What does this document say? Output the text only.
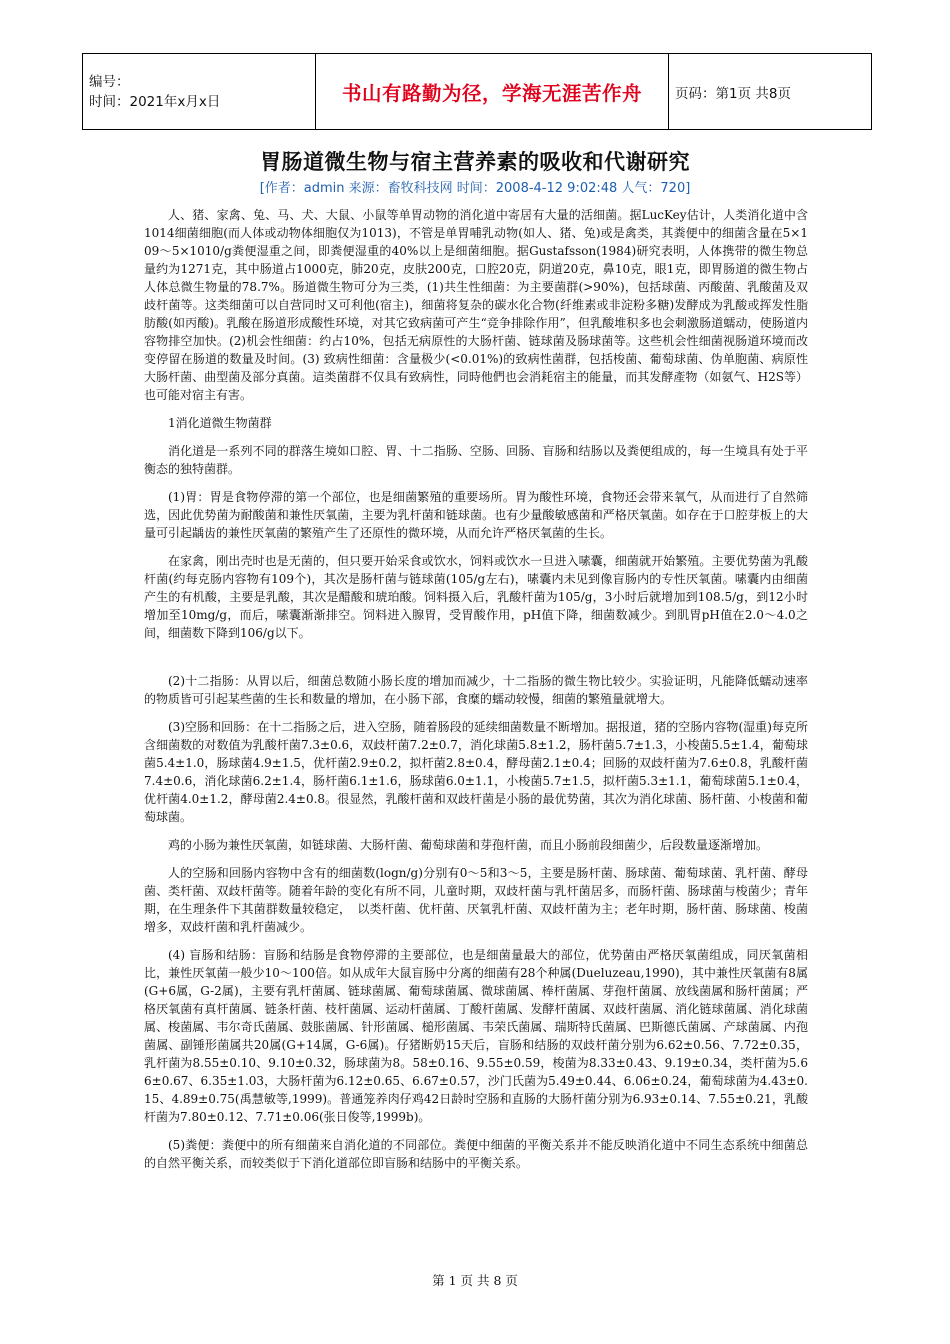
编号：
时间：2021年x月x日	书山有路勤为径，学海无涯苦作舟	页码：第1页 共8页
胃肠道微生物与宿主营养素的吸收和代谢研究
[作者：admin 来源：畜牧科技网 时间：2008-4-12 9:02:48 人气：720]

人、猪、家禽、兔、马、犬、大鼠、小鼠等单胃动物的消化道中寄居有大量的活细菌。据LucKey估计，人类消化道中含1014细菌细胞(而人体或动物体细胞仅为1013)，不管是单胃哺乳动物(如人、猪、兔)或是禽类，其粪便中的细菌含量在5×109～5×1010/g粪便湿重之间，即粪便湿重的40%以上是细菌细胞。据Gustafsson(1984)研究表明，人体携带的微生物总量约为1271克，其中肠道占1000克，肺20克，皮肤200克，口腔20克，阴道20克，鼻10克，眼1克，即胃肠道的微生物占人体总微生物量的78.7%。肠道微生物可分为三类，(1)共生性细菌：为主要菌群(>90%)，包括球菌、丙酸菌、乳酸菌及双歧杆菌等。这类细菌可以自营同时又可利他(宿主)，细菌将复杂的碳水化合物(纤维素或非淀粉多糖)发酵成为乳酸或挥发性脂肪酸(如丙酸)。乳酸在肠道形成酸性环境，对其它致病菌可产生“竞争排除作用”，但乳酸堆积多也会刺激肠道蠕动，使肠道内容物排空加快。(2)机会性细菌：约占10%，包括无病原性的大肠杆菌、链球菌及肠球菌等。这些机会性细菌视肠道环境而改变停留在肠道的数量及时间。(3) 致病性细菌：含量极少(<0.01%)的致病性菌群，包括梭菌、葡萄球菌、伪单胞菌、病原性大肠杆菌、曲型菌及部分真菌。這类菌群不仅具有致病性，同時他們也会消耗宿主的能量，而其发酵產物（如氨气、H2S等）也可能对宿主有害。

1消化道微生物菌群

消化道是一系列不同的群落生境如口腔、胃、十二指肠、空肠、回肠、盲肠和结肠以及粪便组成的，每一生境具有处于平衡态的独特菌群。

(1)胃：胃是食物停滞的第一个部位，也是细菌繁殖的重要场所。胃为酸性环境，食物还会带来氧气，从而进行了自然筛选，因此优势菌为耐酸菌和兼性厌氧菌，主要为乳杆菌和链球菌。也有少量酸敏感菌和严格厌氧菌。如存在于口腔芽板上的大量可引起龋齿的兼性厌氧菌的繁殖产生了还原性的微环境，从而允许严格厌氧菌的生长。

在家禽，刚出壳时也是无菌的，但只要开始采食或饮水，饲料或饮水一旦进入嗉囊，细菌就开始繁殖。主要优势菌为乳酸杆菌(约每克肠内容物有109个)，其次是肠杆菌与链球菌(105/g左右)，嗉囊内未见到像盲肠内的专性厌氧菌。嗉囊内由细菌产生的有机酸，主要是乳酸，其次是醋酸和琥珀酸。饲料摄入后，乳酸杆菌为105/g，3小时后就增加到108.5/g，到12小时增加至10mg/g，而后，嗉囊渐渐排空。饲料进入腺胃，受胃酸作用，pH值下降，细菌数减少。到肌胃pH值在2.0～4.0之间，细菌数下降到106/g以下。

(2)十二指肠：从胃以后，细菌总数随小肠长度的增加而减少，十二指肠的微生物比较少。实验证明，凡能降低蠕动速率的物质皆可引起某些菌的生长和数量的增加，在小肠下部，食糜的蠕动较慢，细菌的繁殖量就增大。

(3)空肠和回肠：在十二指肠之后，进入空肠，随着肠段的延续细菌数量不断增加。据报道，猪的空肠内容物(湿重)每克所含细菌数的对数值为乳酸杆菌7.3±0.6，双歧杆菌7.2±0.7，消化球菌5.8±1.2，肠杆菌5.7±1.3，小梭菌5.5±1.4，葡萄球菌5.4±1.0，肠球菌4.9±1.5，优杆菌2.9±0.2，拟杆菌2.8±0.4，酵母菌2.1±0.4；回肠的双歧杆菌为7.6±0.8，乳酸杆菌7.4±0.6，消化球菌6.2±1.4，肠杆菌6.1±1.6，肠球菌6.0±1.1，小梭菌5.7±1.5，拟杆菌5.3±1.1，葡萄球菌5.1±0.4，优杆菌4.0±1.2，酵母菌2.4±0.8。很显然，乳酸杆菌和双歧杆菌是小肠的最优势菌，其次为消化球菌、肠杆菌、小梭菌和葡萄球菌。

鸡的小肠为兼性厌氧菌，如链球菌、大肠杆菌、葡萄球菌和芽孢杆菌，而且小肠前段细菌少，后段数量逐渐增加。

人的空肠和回肠内容物中含有的细菌数(logn/g)分别有0～5和3～5，主要是肠杆菌、肠球菌、葡萄球菌、乳杆菌、酵母菌、类杆菌、双歧杆菌等。随着年龄的变化有所不同，儿童时期，双歧杆菌与乳杆菌居多，而肠杆菌、肠球菌与梭菌少；青年期，在生理条件下其菌群数量较稳定，　以类杆菌、优杆菌、厌氧乳杆菌、双歧杆菌为主；老年时期，肠杆菌、肠球菌、梭菌增多，双歧杆菌和乳杆菌减少。

(4) 盲肠和结肠：盲肠和结肠是食物停滞的主要部位，也是细菌量最大的部位，优势菌由严格厌氧菌组成，同厌氧菌相比，兼性厌氧菌一般少10～100倍。如从成年大鼠盲肠中分离的细菌有28个种属(Dueluzeau,1990)，其中兼性厌氧菌有8属(G+6属，G-2属)，主要有乳杆菌属、链球菌属、葡萄球菌属、微球菌属、棒杆菌属、芽孢杆菌属、放线菌属和肠杆菌属；严格厌氧菌有真杆菌属、链条杆菌、枝杆菌属、运动杆菌属、丁酸杆菌属、发酵杆菌属、双歧杆菌属、消化链球菌属、消化球菌属、梭菌属、韦尔奇氏菌属、鼓胀菌属、针形菌属、槌形菌属、韦荣氏菌属、瑞斯特氏菌属、巴斯德氏菌属、产球菌属、内孢菌属、副锤形菌属共20属(G+14属，G-6属)。仔猪断奶15天后，盲肠和结肠的双歧杆菌分别为6.62±0.56、7.72±0.35，乳杆菌为8.55±0.10、9.10±0.32，肠球菌为8。58±0.16、9.55±0.59，梭菌为8.33±0.43、9.19±0.34，类杆菌为5.66±0.67、6.35±1.03，大肠杆菌为6.12±0.65、6.67±0.57，沙门氏菌为5.49±0.44、6.06±0.24，葡萄球菌为4.43±0.15、4.89±0.75(禹慧敏等,1999)。普通笼养肉仔鸡42日龄时空肠和直肠的大肠杆菌分别为6.93±0.14、7.55±0.21，乳酸杆菌为7.80±0.12、7.71±0.06(张日俊等,1999b)。

(5)粪便：粪便中的所有细菌来自消化道的不同部位。粪便中细菌的平衡关系并不能反映消化道中不同生态系统中细菌总的自然平衡关系，而较类似于下消化道部位即盲肠和结肠中的平衡关系。

第 1 页 共 8 页
